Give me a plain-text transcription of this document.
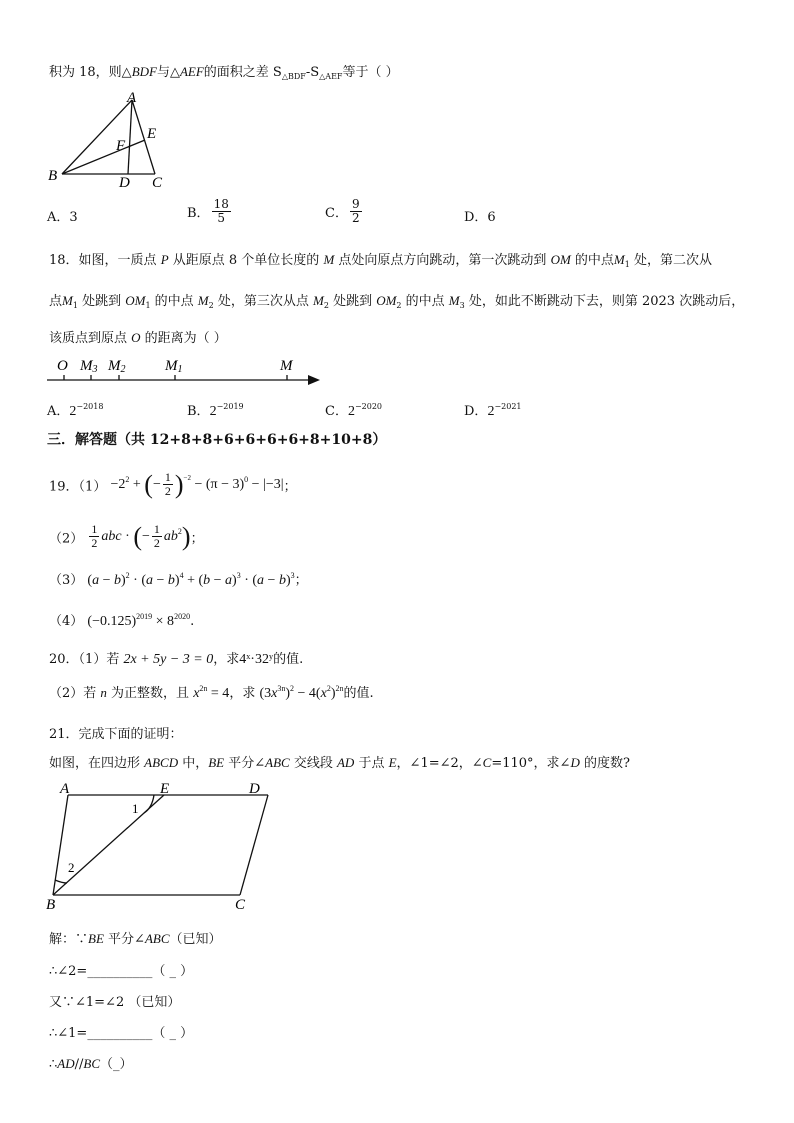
积为 18，则△BDF与△AEF的面积之差 $S_{\triangle BDF}-S_{\triangle AEF}$等于（ ）
A
B	C
D
E
F
A．3	B． $\frac{18}{5}$	C． $\frac{9}{2}$	D．6
18．如图，一质点 P 从距原点 8 个单位长度的 M 点处向原点方向跳动，第一次跳动到 OM 的中点$M_1$ 处，第二次从
点$M_1$ 处跳到 $OM_1$ 的中点 $M_2$ 处，第三次从点 $M_2$ 处跳到 $OM_2$ 的中点 $M_3$ 处，如此不断跳动下去，则第 2023 次跳动后，
该质点到原点 O 的距离为（ ）
O M3 M2	M1	M
A．$2^{-2018}$	B．$2^{-2019}$	C．$2^{-2020}$	D．$2^{-2021}$
三．解答题（共 12+8+8+6+6+6+6+8+10+8）
19．$(1) -2^2$ + (− $\frac{1}{2} )^{-2} - (\pi - 3)^0 - |-3|$；
$(2) \frac{1}{2}$ abc · (− $\frac{1}{2} ab^2$)；
（3） $(a - b)^2 \cdot (a - b)^4 + (b - a)^3 \cdot (a - b)^3$；
（4） $(-0.125)^{2019} \times 8^{2020}$.
20．（1）若 2x + 5y − 3 = 0，求4ˣ·32ʸ的值.
（2）若 n 为正整数，且 $x^{2n} = 4$，求 $(3x^{3n})^2 - 4(x^2)^{2n}$的值.
21．完成下面的证明：
如图，在四边形 ABCD 中，BE 平分∠ABC 交线段 AD 于点 E，∠1=∠2，∠C=110°，求∠D 的度数?
A	E	D
B	C
1
2
解：∵BE 平分∠ABC（已知）
∴∠2=__________（ _ ）
又∵∠1=∠2 （已知）
∴∠1=__________（ _ ）
∴AD//BC（_）
